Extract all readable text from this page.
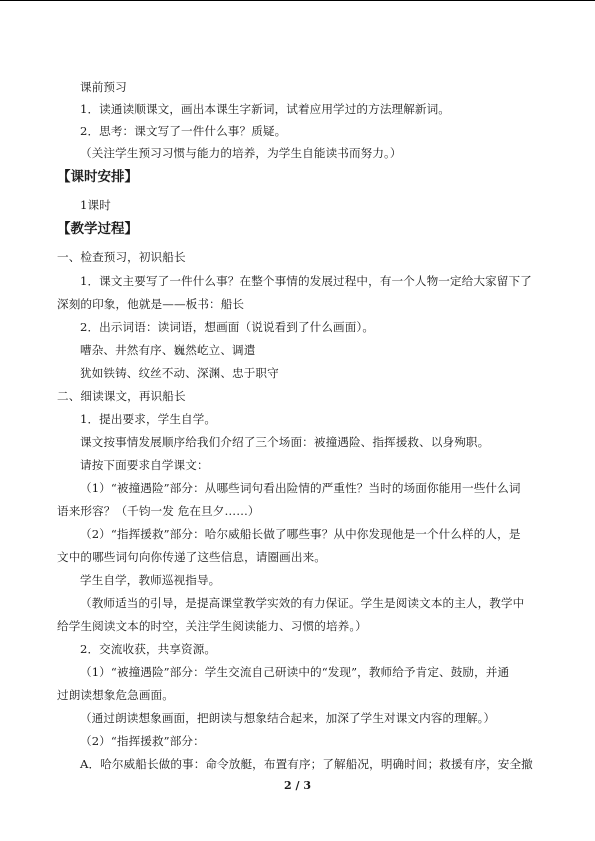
课前预习
1．读通读顺课文，画出本课生字新词，试着应用学过的方法理解新词。
2．思考：课文写了一件什么事？质疑。
（关注学生预习习惯与能力的培养，为学生自能读书而努力。）
【课时安排】
1课时
【教学过程】
一、检查预习，初识船长
1．课文主要写了一件什么事？在整个事情的发展过程中，有一个人物一定给大家留下了
深刻的印象，他就是——板书：船长
2．出示词语：读词语，想画面（说说看到了什么画面）。
嘈杂、井然有序、巍然屹立、调遣
犹如铁铸、纹丝不动、深渊、忠于职守
二、细读课文，再识船长
1．提出要求，学生自学。
课文按事情发展顺序给我们介绍了三个场面：被撞遇险、指挥援救、以身殉职。
请按下面要求自学课文：
（1）“被撞遇险”部分：从哪些词句看出险情的严重性？当时的场面你能用一些什么词
语来形容？（千钧一发 危在旦夕……）
（2）“指挥援救”部分：哈尔威船长做了哪些事？从中你发现他是一个什么样的人，是
文中的哪些词句向你传递了这些信息，请圈画出来。
学生自学，教师巡视指导。
（教师适当的引导，是提高课堂教学实效的有力保证。学生是阅读文本的主人，教学中
给学生阅读文本的时空，关注学生阅读能力、习惯的培养。）
2．交流收获，共享资源。
（1）“被撞遇险”部分：学生交流自己研读中的“发现”，教师给予肯定、鼓励，并通
过朗读想象危急画面。
（通过朗读想象画面，把朗读与想象结合起来，加深了学生对课文内容的理解。）
（2）“指挥援救”部分：
A．哈尔威船长做的事：命令放艇，布置有序；了解船况，明确时间；救援有序，安全撤
2 / 3
